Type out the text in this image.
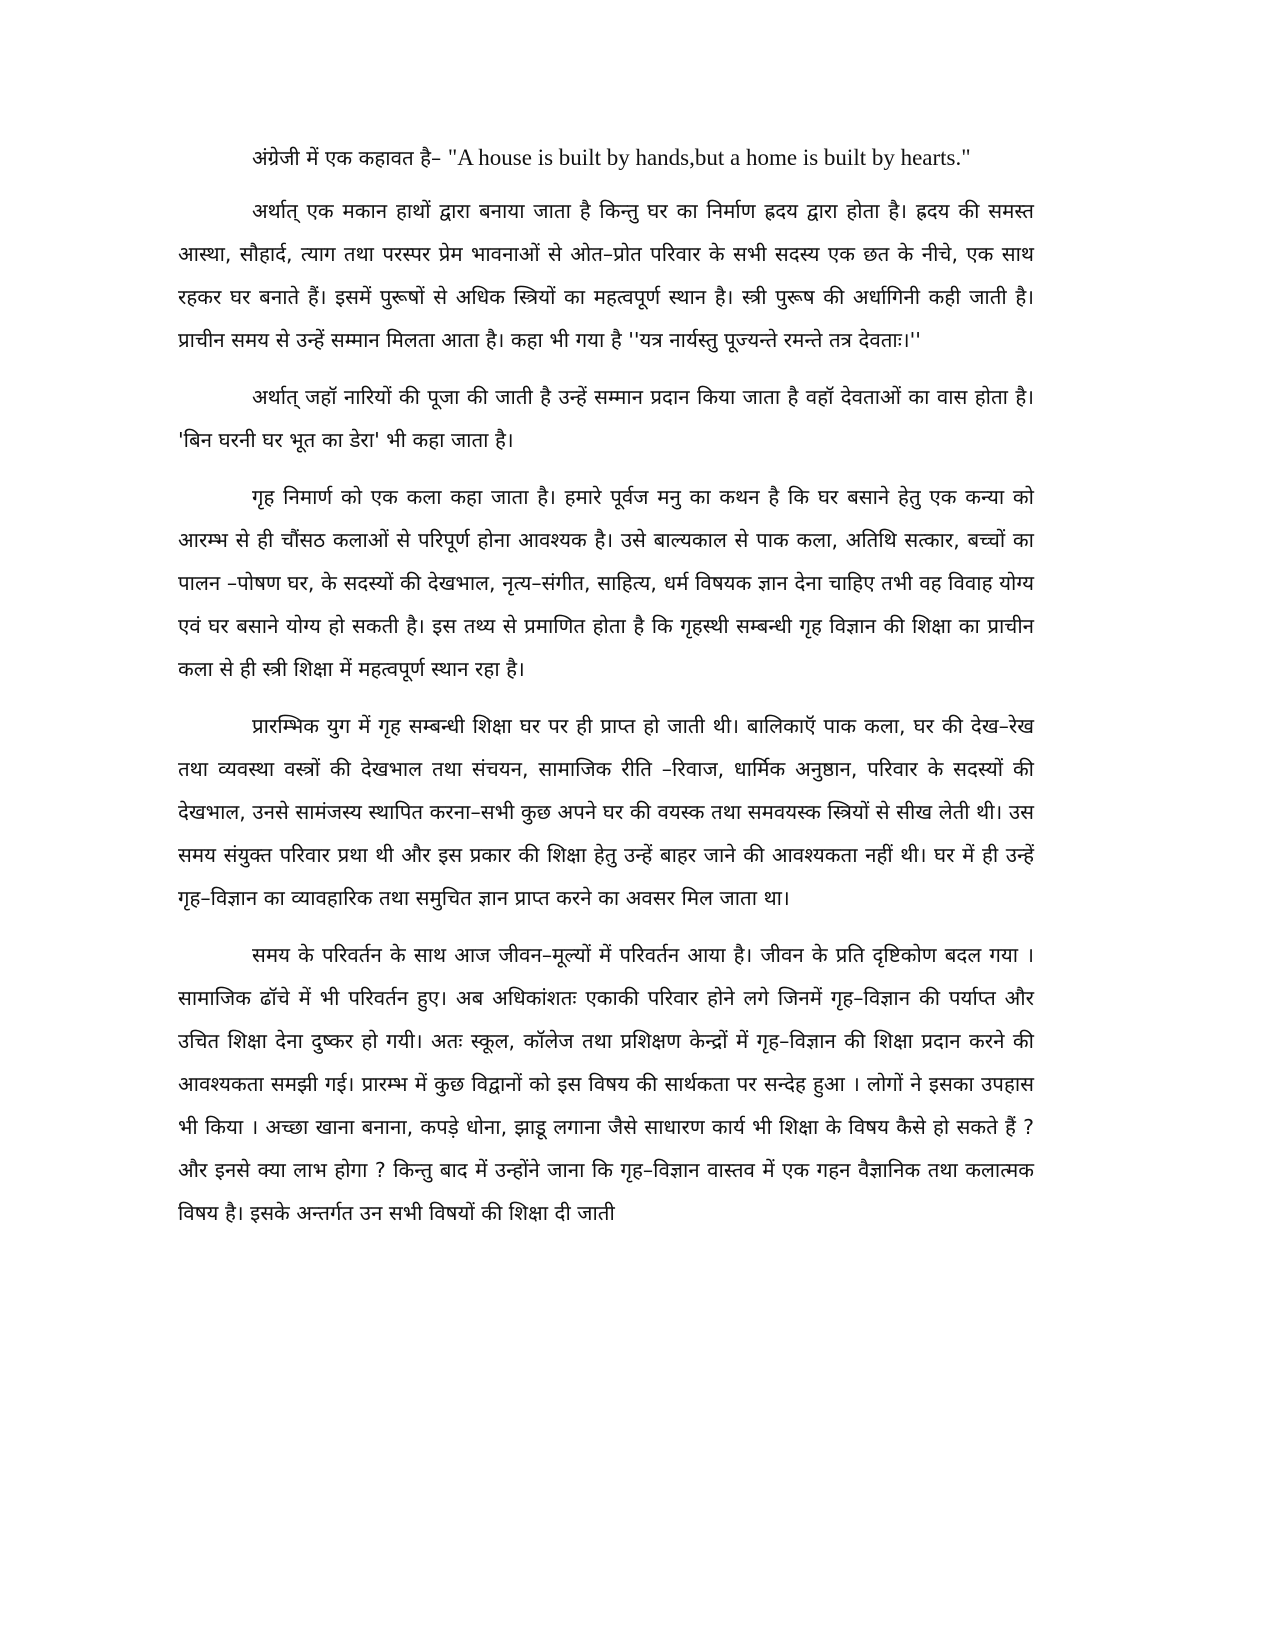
अंग्रेजी में एक कहावत है– "A house is built by hands,but a home is built by hearts."

अर्थात् एक मकान हाथों द्वारा बनाया जाता है किन्तु घर का निर्माण ह्रदय द्वारा होता है। ह्रदय की समस्त आस्था, सौहार्द, त्याग तथा परस्पर प्रेम भावनाओं से ओत–प्रोत परिवार के सभी सदस्य एक छत के नीचे, एक साथ रहकर घर बनाते हैं। इसमें पुरूषों से अधिक स्त्रियों का महत्वपूर्ण स्थान है। स्त्री पुरूष की अर्धागिनी कही जाती है। प्राचीन समय से उन्हें सम्मान मिलता आता है। कहा भी गया है ''यत्र नार्यस्तु पूज्यन्ते रमन्ते तत्र देवताः।''

अर्थात् जहॉ नारियों की पूजा की जाती है उन्हें सम्मान प्रदान किया जाता है वहॉ देवताओं का वास होता है। 'बिन घरनी घर भूत का डेरा' भी कहा जाता है।

गृह निमार्ण को एक कला कहा जाता है। हमारे पूर्वज मनु का कथन है कि घर बसाने हेतु एक कन्या को आरम्भ से ही चौंसठ कलाओं से परिपूर्ण होना आवश्यक है। उसे बाल्यकाल से पाक कला, अतिथि सत्कार, बच्चों का पालन –पोषण घर, के सदस्यों की देखभाल, नृत्य–संगीत, साहित्य, धर्म विषयक ज्ञान देना चाहिए तभी वह विवाह योग्य एवं घर बसाने योग्य हो सकती है। इस तथ्य से प्रमाणित होता है कि गृहस्थी सम्बन्धी गृह विज्ञान की शिक्षा का प्राचीन कला से ही स्त्री शिक्षा में महत्वपूर्ण स्थान रहा है।

प्रारम्भिक युग में गृह सम्बन्धी शिक्षा घर पर ही प्राप्त हो जाती थी। बालिकाऍ पाक कला, घर की देख–रेख तथा व्यवस्था वस्त्रों की देखभाल तथा संचयन, सामाजिक रीति –रिवाज, धार्मिक अनुष्ठान, परिवार के सदस्यों की देखभाल, उनसे सामंजस्य स्थापित करना–सभी कुछ अपने घर की वयस्क तथा समवयस्क स्त्रियों से सीख लेती थी। उस समय संयुक्त परिवार प्रथा थी और इस प्रकार की शिक्षा हेतु उन्हें बाहर जाने की आवश्यकता नहीं थी। घर में ही उन्हें गृह–विज्ञान का व्यावहारिक तथा समुचित ज्ञान प्राप्त करने का अवसर मिल जाता था।

समय के परिवर्तन के साथ आज जीवन–मूल्यों में परिवर्तन आया है। जीवन के प्रति दृष्टिकोण बदल गया । सामाजिक ढॉचे में भी परिवर्तन हुए। अब अधिकांशतः एकाकी परिवार होने लगे जिनमें गृह–विज्ञान की पर्याप्त और उचित शिक्षा देना दुष्कर हो गयी। अतः स्कूल, कॉलेज तथा प्रशिक्षण केन्द्रों में गृह–विज्ञान की शिक्षा प्रदान करने की आवश्यकता समझी गई। प्रारम्भ में कुछ विद्वानों को इस विषय की सार्थकता पर सन्देह हुआ । लोगों ने इसका उपहास भी किया । अच्छा खाना बनाना, कपड़े धोना, झाडू लगाना जैसे साधारण कार्य भी शिक्षा के विषय कैसे हो सकते हैं ? और इनसे क्या लाभ होगा ? किन्तु बाद में उन्होंने जाना कि गृह–विज्ञान वास्तव में एक गहन वैज्ञानिक तथा कलात्मक विषय है। इसके अन्तर्गत उन सभी विषयों की शिक्षा दी जाती
